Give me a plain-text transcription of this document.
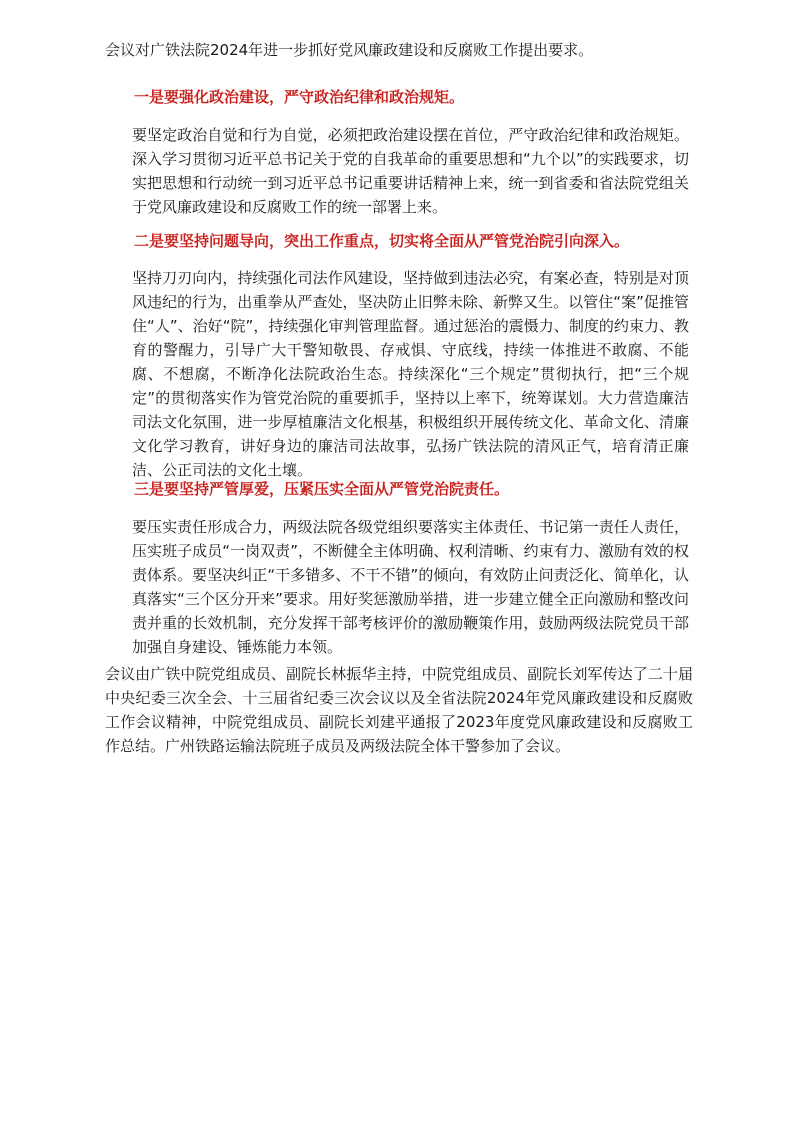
会议对广铁法院2024年进一步抓好党风廉政建设和反腐败工作提出要求。

一是要强化政治建设，严守政治纪律和政治规矩。

要坚定政治自觉和行为自觉，必须把政治建设摆在首位，严守政治纪律和政治规矩。深入学习贯彻习近平总书记关于党的自我革命的重要思想和“九个以”的实践要求，切实把思想和行动统一到习近平总书记重要讲话精神上来，统一到省委和省法院党组关于党风廉政建设和反腐败工作的统一部署上来。

二是要坚持问题导向，突出工作重点，切实将全面从严管党治院引向深入。

坚持刀刃向内，持续强化司法作风建设，坚持做到违法必究，有案必查，特别是对顶风违纪的行为，出重拳从严查处，坚决防止旧弊未除、新弊又生。以管住“案”促推管住“人”、治好“院”，持续强化审判管理监督。通过惩治的震慑力、制度的约束力、教育的警醒力，引导广大干警知敬畏、存戒惧、守底线，持续一体推进不敢腐、不能腐、不想腐，不断净化法院政治生态。持续深化“三个规定”贯彻执行，把“三个规定”的贯彻落实作为管党治院的重要抓手，坚持以上率下，统筹谋划。大力营造廉洁司法文化氛围，进一步厚植廉洁文化根基，积极组织开展传统文化、革命文化、清廉文化学习教育，讲好身边的廉洁司法故事，弘扬广铁法院的清风正气，培育清正廉洁、公正司法的文化土壤。

三是要坚持严管厚爱，压紧压实全面从严管党治院责任。

要压实责任形成合力，两级法院各级党组织要落实主体责任、书记第一责任人责任，压实班子成员“一岗双责”，不断健全主体明确、权利清晰、约束有力、激励有效的权责体系。要坚决纠正“干多错多、不干不错”的倾向，有效防止问责泛化、简单化，认真落实“三个区分开来”要求。用好奖惩激励举措，进一步建立健全正向激励和整改问责并重的长效机制，充分发挥干部考核评价的激励鞭策作用，鼓励两级法院党员干部加强自身建设、锤炼能力本领。

会议由广铁中院党组成员、副院长林振华主持，中院党组成员、副院长刘军传达了二十届中央纪委三次全会、十三届省纪委三次会议以及全省法院2024年党风廉政建设和反腐败工作会议精神，中院党组成员、副院长刘建平通报了2023年度党风廉政建设和反腐败工作总结。广州铁路运输法院班子成员及两级法院全体干警参加了会议。
